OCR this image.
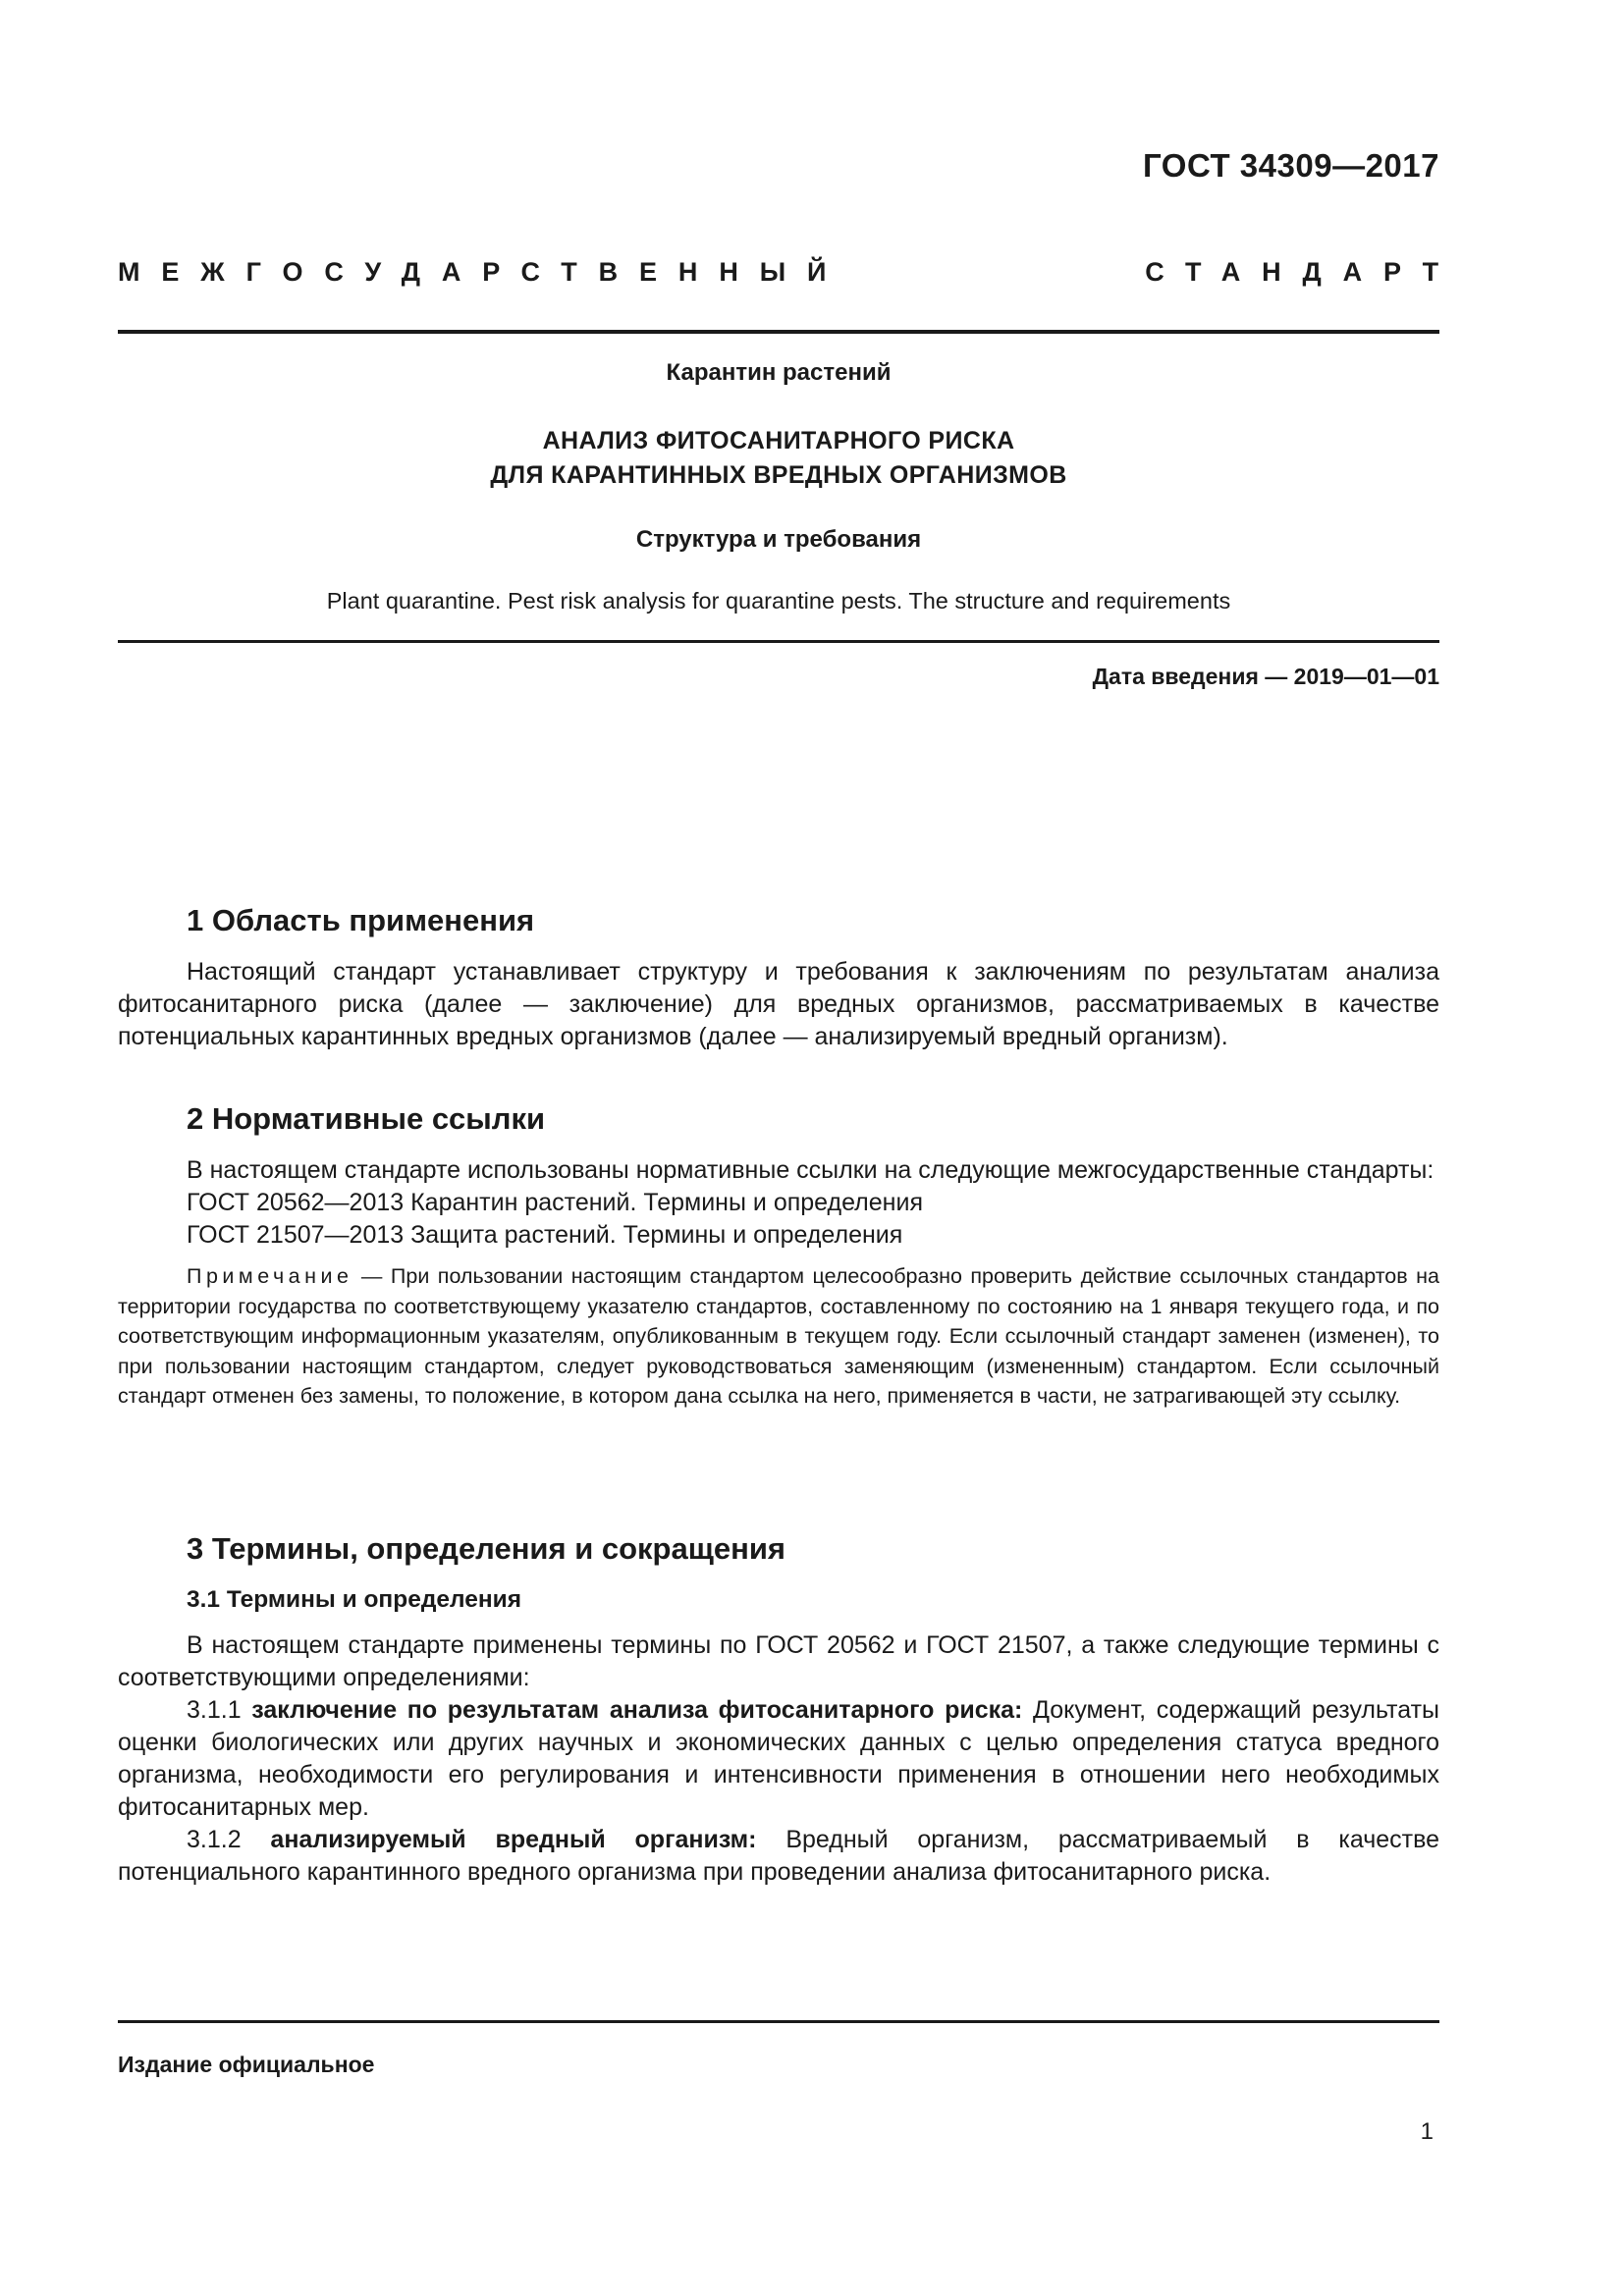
ГОСТ 34309—2017
МЕЖГОСУДАРСТВЕННЫЙ	СТАНДАРТ
Карантин растений
АНАЛИЗ ФИТОСАНИТАРНОГО РИСКА
ДЛЯ КАРАНТИННЫХ ВРЕДНЫХ ОРГАНИЗМОВ
Структура и требования
Plant quarantine. Pest risk analysis for quarantine pests. The structure and requirements
Дата введения — 2019—01—01
1 Область применения

Настоящий стандарт устанавливает структуру и требования к заключениям по результатам анализа фитосанитарного риска (далее — заключение) для вредных организмов, рассматриваемых в качестве потенциальных карантинных вредных организмов (далее — анализируемый вредный организм).

2 Нормативные ссылки

В настоящем стандарте использованы нормативные ссылки на следующие межгосударственные стандарты:

ГОСТ 20562—2013 Карантин растений. Термины и определения

ГОСТ 21507—2013 Защита растений. Термины и определения

Примечание — При пользовании настоящим стандартом целесообразно проверить действие ссылочных стандартов на территории государства по соответствующему указателю стандартов, составленному по состоянию на 1 января текущего года, и по соответствующим информационным указателям, опубликованным в текущем году. Если ссылочный стандарт заменен (изменен), то при пользовании настоящим стандартом, следует руководствоваться заменяющим (измененным) стандартом. Если ссылочный стандарт отменен без замены, то положение, в котором дана ссылка на него, применяется в части, не затрагивающей эту ссылку.

3 Термины, определения и сокращения
3.1 Термины и определения

В настоящем стандарте применены термины по ГОСТ 20562 и ГОСТ 21507, а также следующие термины с соответствующими определениями:

3.1.1 заключение по результатам анализа фитосанитарного риска: Документ, содержащий результаты оценки биологических или других научных и экономических данных с целью определения статуса вредного организма, необходимости его регулирования и интенсивности применения в отношении него необходимых фитосанитарных мер.

3.1.2 анализируемый вредный организм: Вредный организм, рассматриваемый в качестве потенциального карантинного вредного организма при проведении анализа фитосанитарного риска.

Издание официальное
1
